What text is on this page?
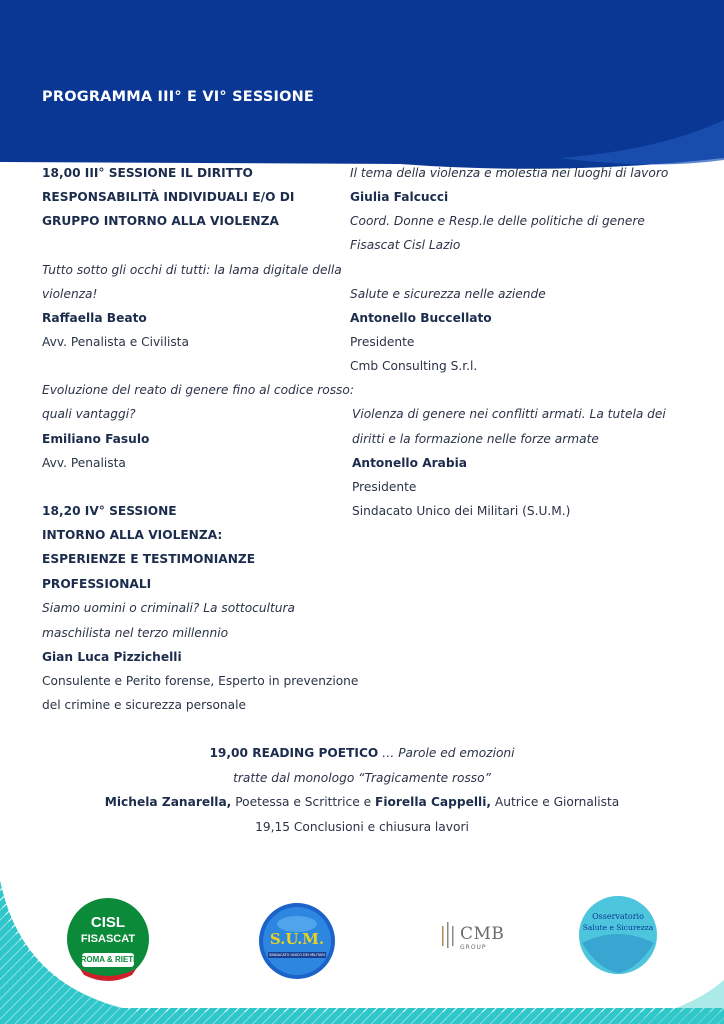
PROGRAMMA III° E VI° SESSIONE
18,00 III° SESSIONE IL DIRITTO
RESPONSABILITÀ INDIVIDUALI E/O DI
GRUPPO INTORNO ALLA VIOLENZA
Tutto sotto gli occhi di tutti: la lama digitale della
violenza!
Raffaella Beato
Avv. Penalista e Civilista
Evoluzione del reato di genere fino al codice rosso:
quali vantaggi?
Emiliano Fasulo
Avv. Penalista
18,20 IV° SESSIONE
INTORNO ALLA VIOLENZA:
ESPERIENZE E TESTIMONIANZE
PROFESSIONALI
Siamo uomini o criminali? La sottocultura
maschilista nel terzo millennio
Gian Luca Pizzichelli
Consulente e Perito forense, Esperto in prevenzione
del crimine e sicurezza personale
Il tema della violenza e molestia nei luoghi di lavoro
Giulia Falcucci
Coord. Donne e Resp.le delle politiche di genere
Fisascat Cisl Lazio
Salute e sicurezza nelle aziende
Antonello Buccellato
Presidente
Cmb Consulting S.r.l.
Violenza di genere nei conflitti armati. La tutela dei
diritti e la formazione nelle forze armate
Antonello Arabia
Presidente
Sindacato Unico dei Militari (S.U.M.)
19,00 READING POETICO … Parole ed emozioni
tratte dal monologo “Tragicamente rosso”
Michela Zanarella, Poetessa e Scrittrice e Fiorella Cappelli, Autrice e Giornalista
19,15 Conclusioni e chiusura lavori
CISL
FISASCAT
ROMA & RIETI
S.U.M.
SINDACATO UNICO DEI MILITARI
CMB
GROUP
Osservatorio
Salute e Sicurezza
